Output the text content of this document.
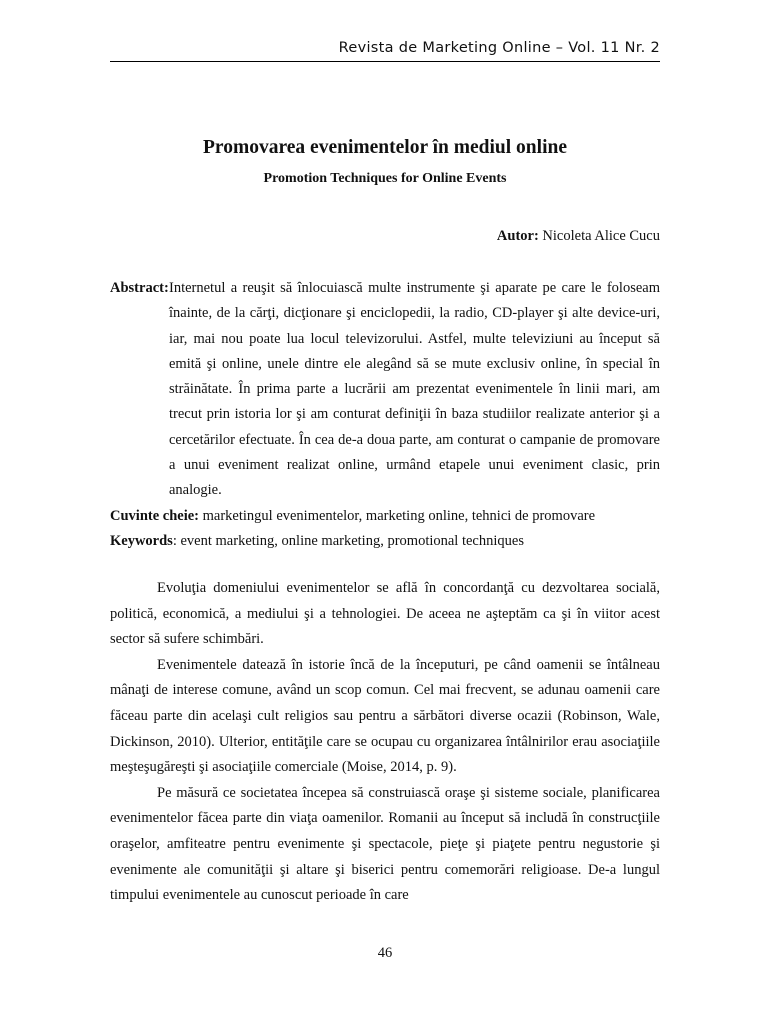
Revista de Marketing Online – Vol. 11 Nr. 2
Promovarea evenimentelor în mediul online
Promotion Techniques for Online Events
Autor: Nicoleta Alice Cucu
Abstract: Internetul a reuşit să înlocuiască multe instrumente şi aparate pe care le foloseam înainte, de la cărţi, dicţionare şi enciclopedii, la radio, CD-player şi alte device-uri, iar, mai nou poate lua locul televizorului. Astfel, multe televiziuni au început să emită şi online, unele dintre ele alegând să se mute exclusiv online, în special în străinătate. În prima parte a lucrării am prezentat evenimentele în linii mari, am trecut prin istoria lor şi am conturat definiţii în baza studiilor realizate anterior şi a cercetărilor efectuate. În cea de-a doua parte, am conturat o campanie de promovare a unui eveniment realizat online, urmând etapele unui eveniment clasic, prin analogie.
Cuvinte cheie: marketingul evenimentelor, marketing online, tehnici de promovare
Keywords: event marketing, online marketing, promotional techniques

Evoluţia domeniului evenimentelor se află în concordanţă cu dezvoltarea socială, politică, economică, a mediului şi a tehnologiei. De aceea ne aşteptăm ca şi în viitor acest sector să sufere schimbări.

Evenimentele datează în istorie încă de la începuturi, pe când oamenii se întâlneau mânaţi de interese comune, având un scop comun. Cel mai frecvent, se adunau oamenii care făceau parte din acelaşi cult religios sau pentru a sărbători diverse ocazii (Robinson, Wale, Dickinson, 2010). Ulterior, entităţile care se ocupau cu organizarea întâlnirilor erau asociaţiile meşteşugăreşti şi asociaţiile comerciale (Moise, 2014, p. 9).

Pe măsură ce societatea începea să construiască oraşe şi sisteme sociale, planificarea evenimentelor făcea parte din viaţa oamenilor. Romanii au început să includă în construcţiile oraşelor, amfiteatre pentru evenimente şi spectacole, pieţe şi piaţete pentru negustorie şi evenimente ale comunităţii şi altare şi biserici pentru comemorări religioase. De-a lungul timpului evenimentele au cunoscut perioade în care

46
